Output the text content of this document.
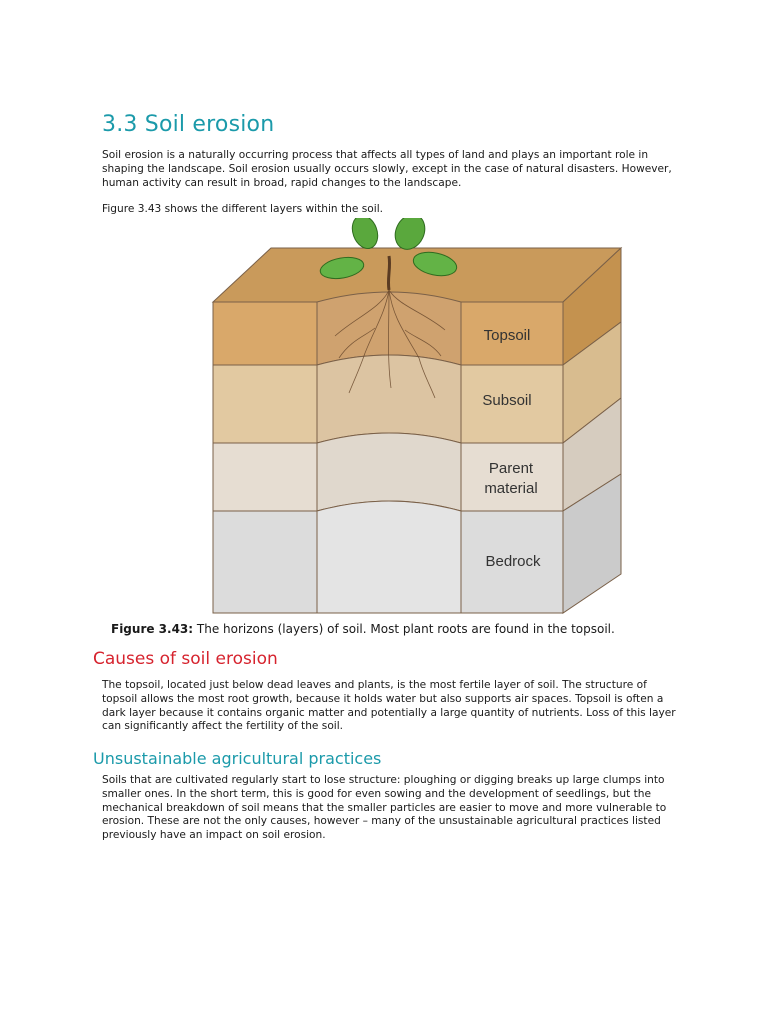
3.3 Soil erosion

Soil erosion is a naturally occurring process that affects all types of land and plays an important role in shaping the landscape. Soil erosion usually occurs slowly, except in the case of natural disasters. However, human activity can result in broad, rapid changes to the landscape.

Figure 3.43 shows the different layers within the soil.

Topsoil
Subsoil
Parent
material
Bedrock

Figure 3.43: The horizons (layers) of soil. Most plant roots are found in the topsoil.

Causes of soil erosion

The topsoil, located just below dead leaves and plants, is the most fertile layer of soil. The structure of topsoil allows the most root growth, because it holds water but also supports air spaces. Topsoil is often a dark layer because it contains organic matter and potentially a large quantity of nutrients. Loss of this layer can significantly affect the fertility of the soil.

Unsustainable agricultural practices

Soils that are cultivated regularly start to lose structure: ploughing or digging breaks up large clumps into smaller ones. In the short term, this is good for even sowing and the development of seedlings, but the mechanical breakdown of soil means that the smaller particles are easier to move and more vulnerable to erosion. These are not the only causes, however – many of the unsustainable agricultural practices listed previously have an impact on soil erosion.
